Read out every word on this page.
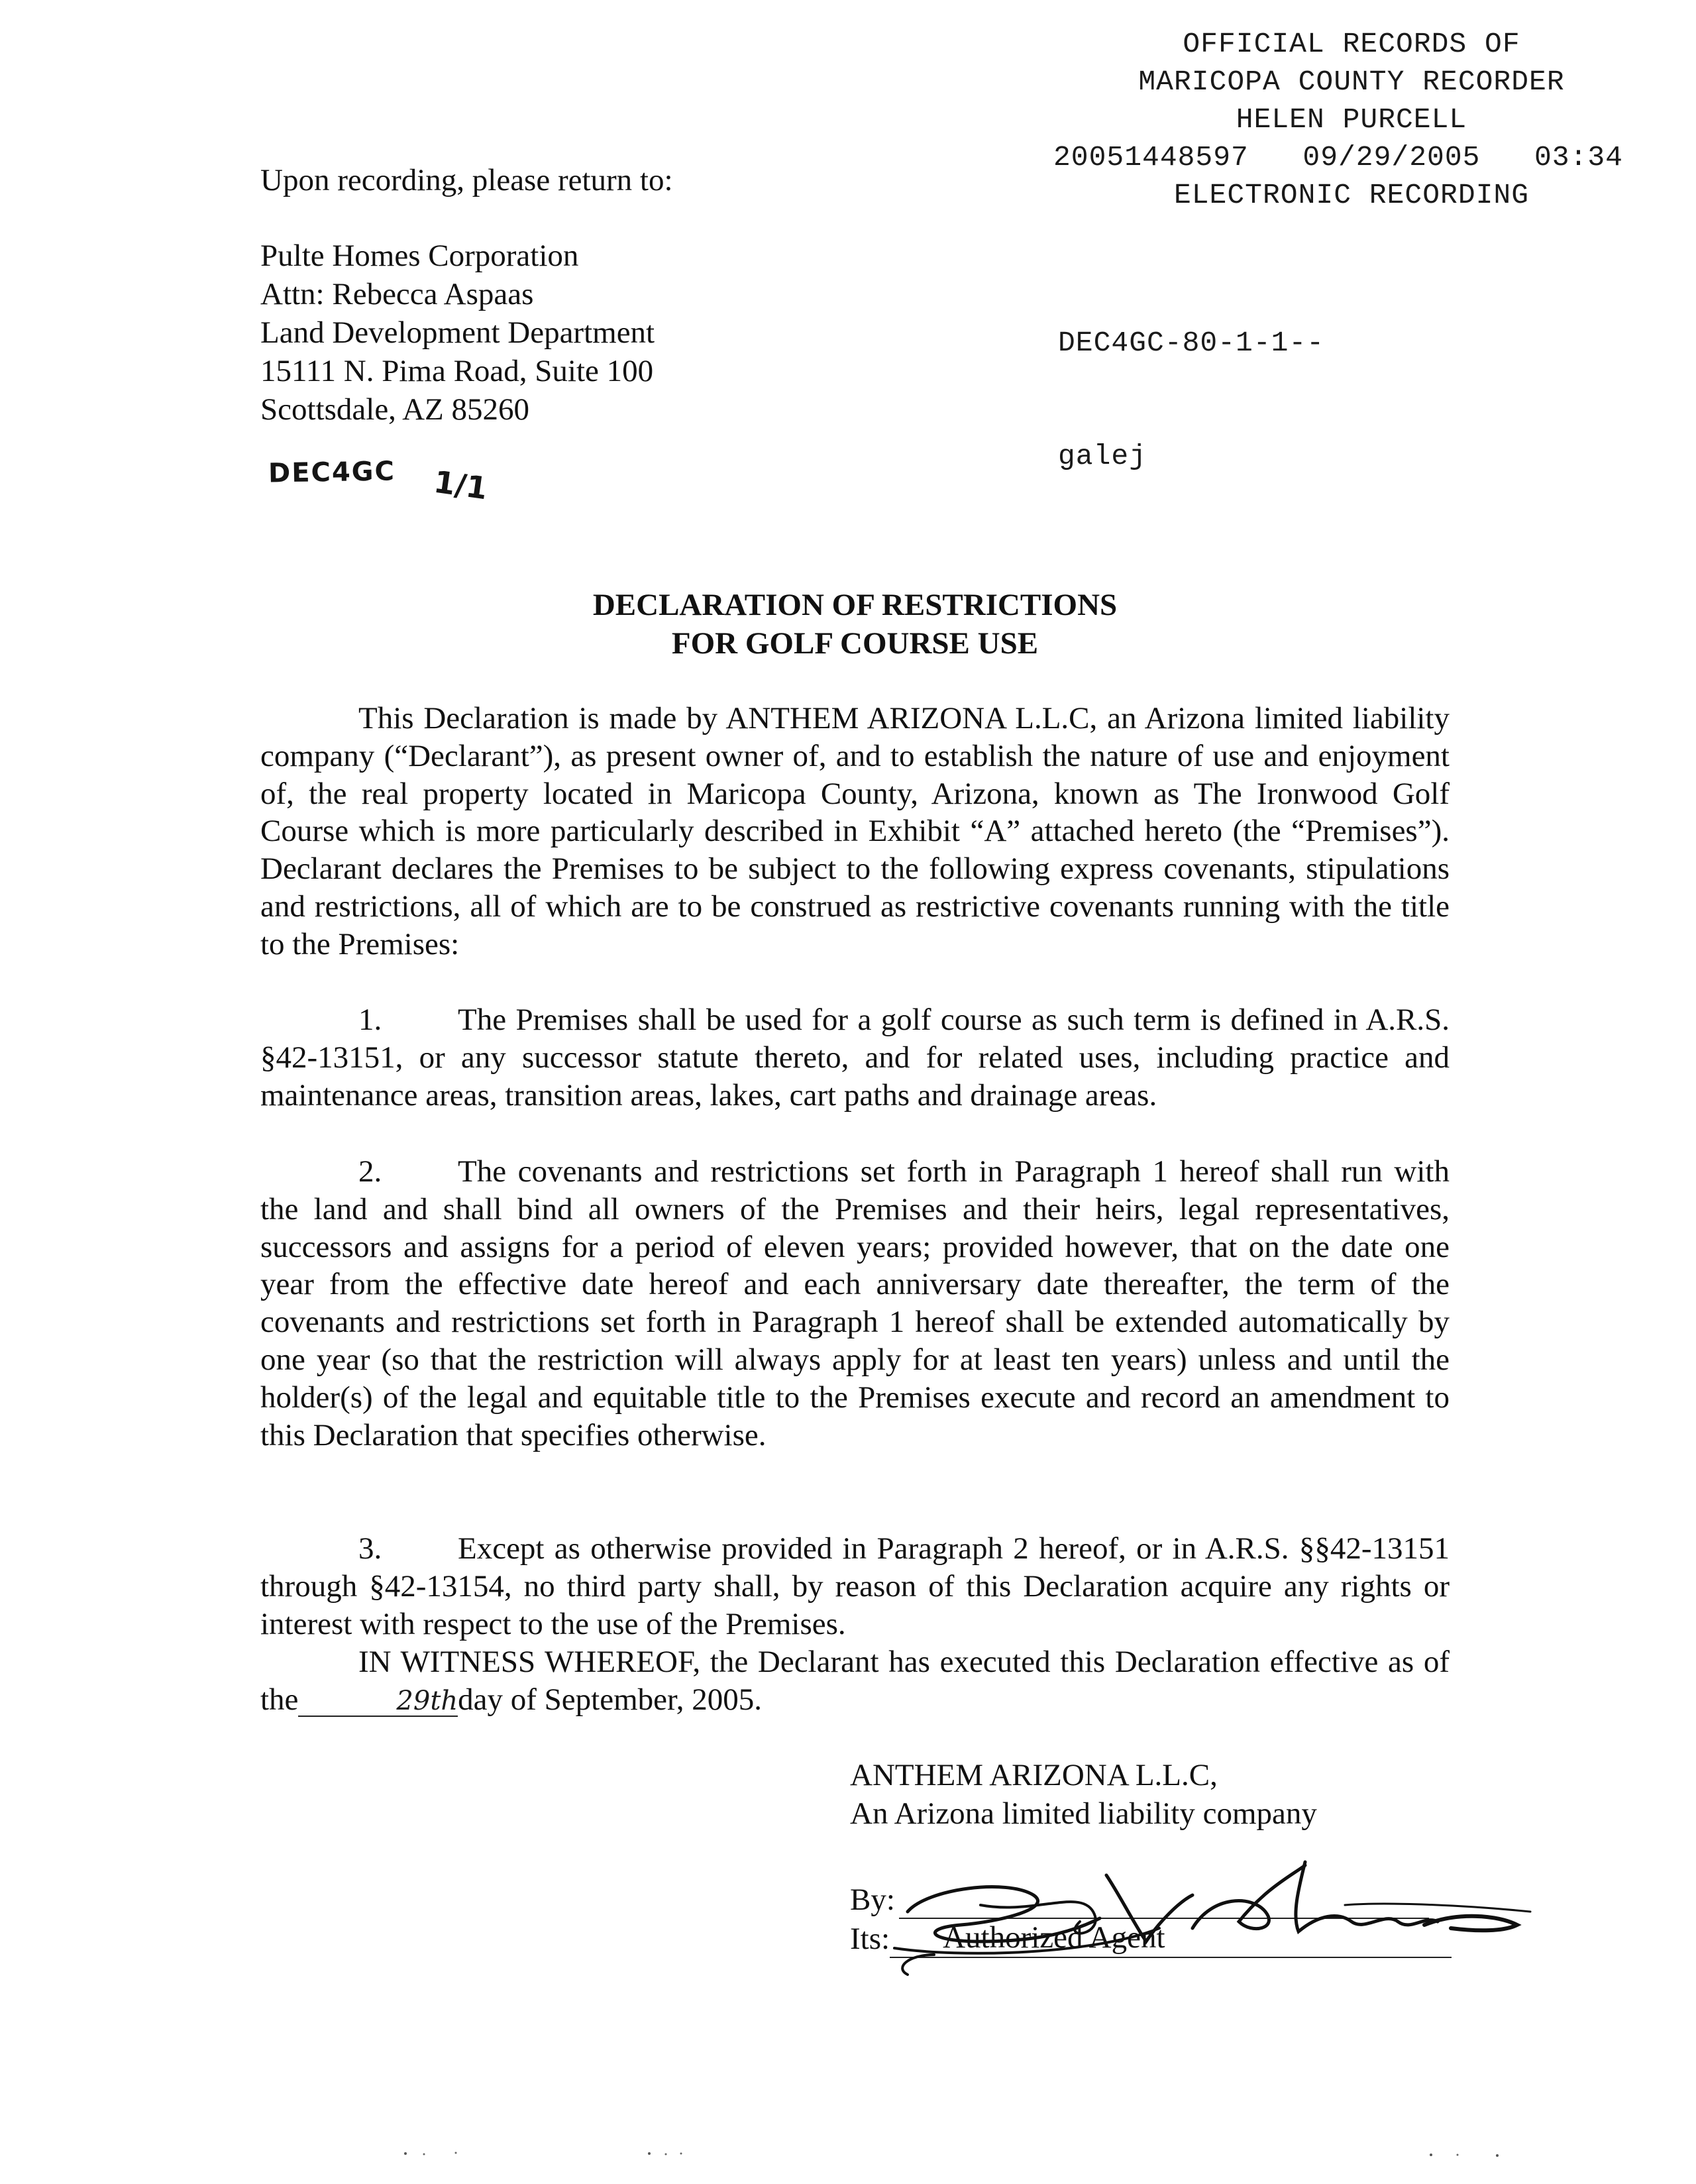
OFFICIAL RECORDS OF
MARICOPA COUNTY RECORDER
HELEN PURCELL
20051448597 09/29/2005 03:34
ELECTRONIC RECORDING

DEC4GC-80-1-1--

galej

Upon recording, please return to:
Pulte Homes Corporation
Attn: Rebecca Aspaas
Land Development Department
15111 N. Pima Road, Suite 100
Scottsdale, AZ 85260
DEC4GC 1/1
DECLARATION OF RESTRICTIONS
FOR GOLF COURSE USE
This Declaration is made by ANTHEM ARIZONA L.L.C, an Arizona limited liability company (“Declarant”), as present owner of, and to establish the nature of use and enjoyment of, the real property located in Maricopa County, Arizona, known as The Ironwood Golf Course which is more particularly described in Exhibit “A” attached hereto (the “Premises”). Declarant declares the Premises to be subject to the following express covenants, stipulations and restrictions, all of which are to be construed as restrictive covenants running with the title to the Premises:
1. The Premises shall be used for a golf course as such term is defined in A.R.S. §42-13151, or any successor statute thereto, and for related uses, including practice and maintenance areas, transition areas, lakes, cart paths and drainage areas.
2. The covenants and restrictions set forth in Paragraph 1 hereof shall run with the land and shall bind all owners of the Premises and their heirs, legal representatives, successors and assigns for a period of eleven years; provided however, that on the date one year from the effective date hereof and each anniversary date thereafter, the term of the covenants and restrictions set forth in Paragraph 1 hereof shall be extended automatically by one year (so that the restriction will always apply for at least ten years) unless and until the holder(s) of the legal and equitable title to the Premises execute and record an amendment to this Declaration that specifies otherwise.
3. Except as otherwise provided in Paragraph 2 hereof, or in A.R.S. §§42-13151 through §42-13154, no third party shall, by reason of this Declaration acquire any rights or interest with respect to the use of the Premises.
IN WITNESS WHEREOF, the Declarant has executed this Declaration effective as of the	29thday of September, 2005.
ANTHEM ARIZONA L.L.C,
An Arizona limited liability company
By:
Its:	Authorized Agent
